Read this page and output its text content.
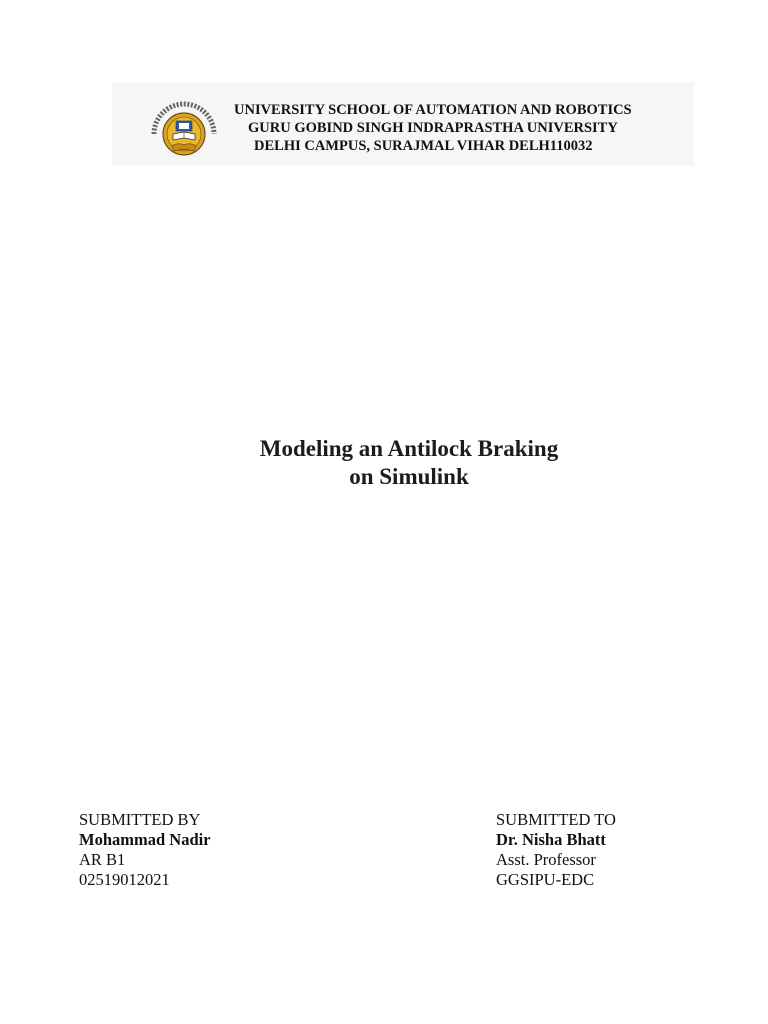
UNIVERSITY SCHOOL OF AUTOMATION AND ROBOTICS
GURU GOBIND SINGH INDRAPRASTHA UNIVERSITY
DELHI CAMPUS, SURAJMAL VIHAR DELH110032
Modeling an Antilock Braking
on Simulink
SUBMITTED BY
Mohammad Nadir
AR B1
02519012021
SUBMITTED TO
Dr. Nisha Bhatt
Asst. Professor
GGSIPU-EDC
